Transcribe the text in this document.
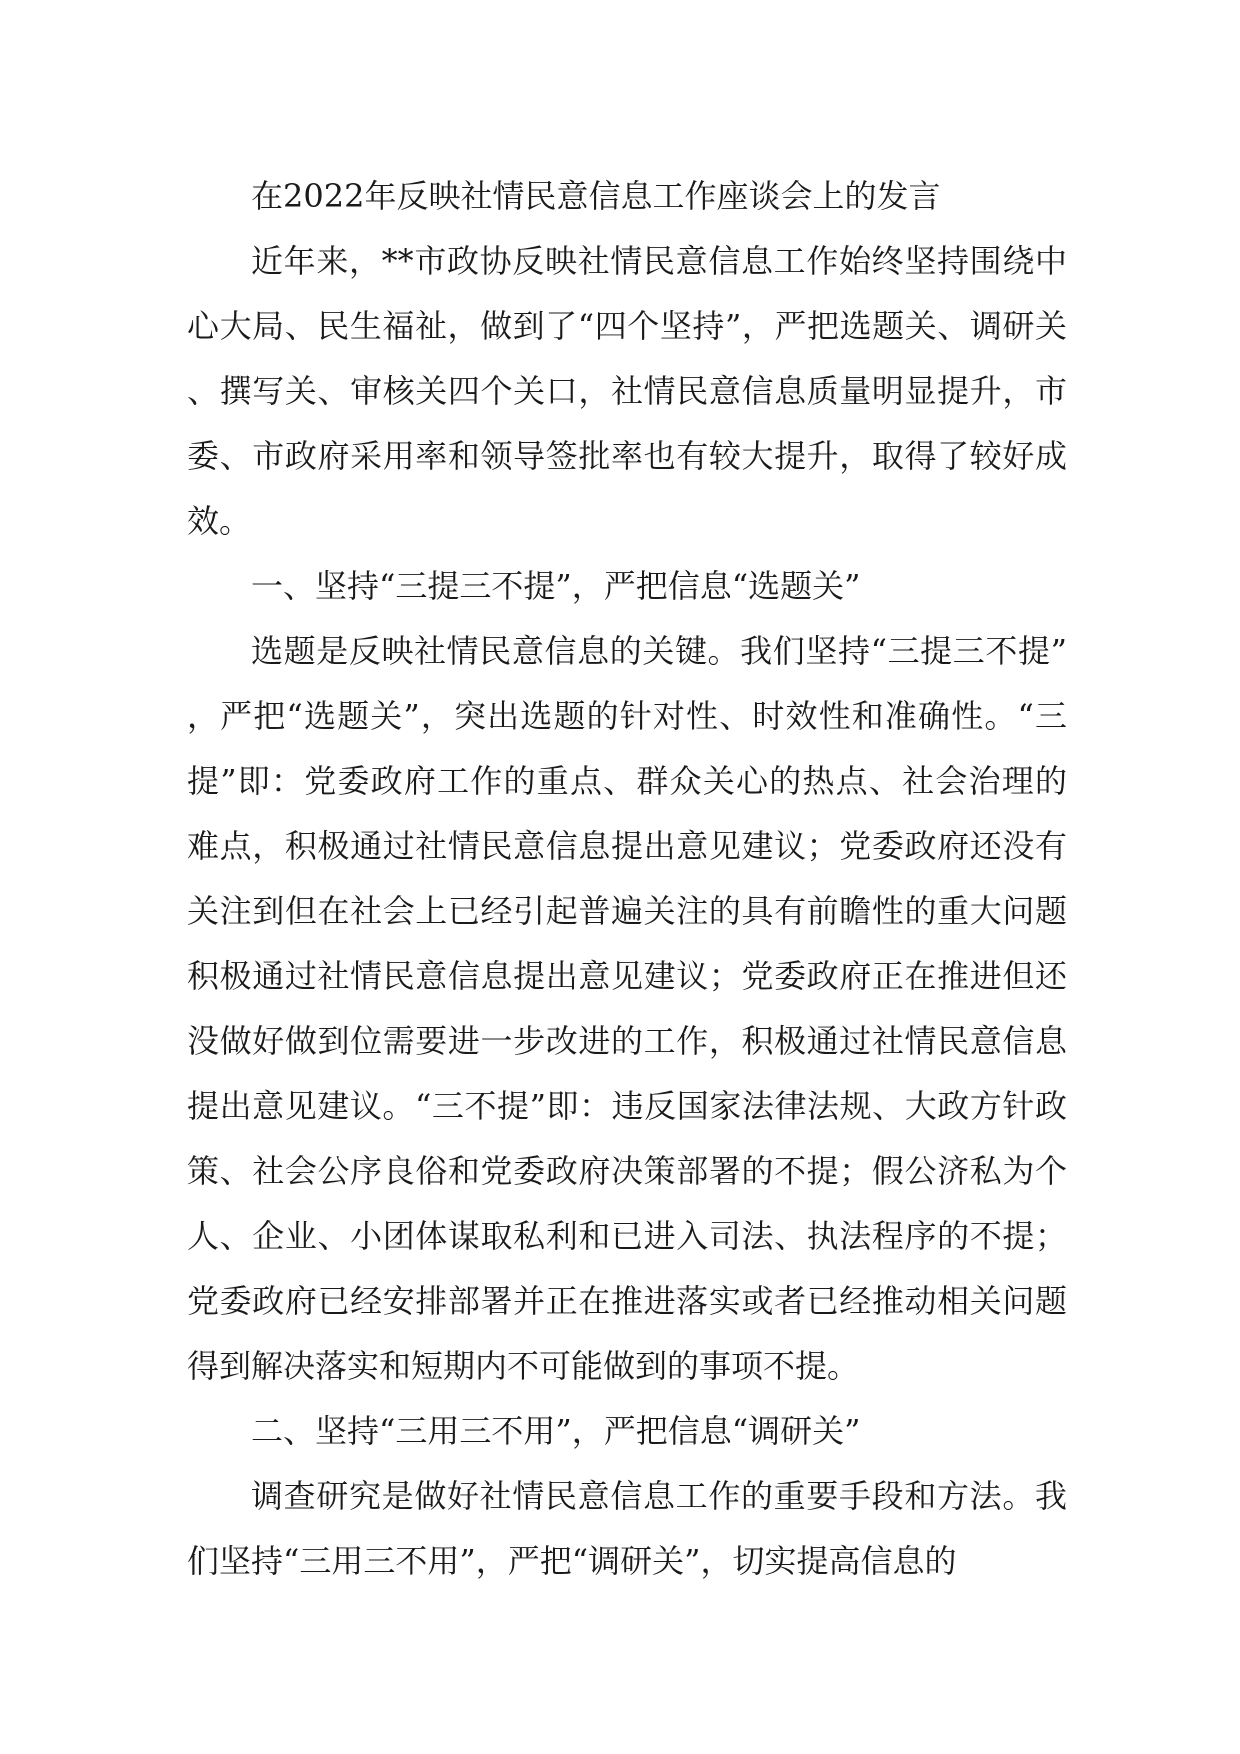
在2022年反映社情民意信息工作座谈会上的发言

近年来，**市政协反映社情民意信息工作始终坚持围绕中心大局、民生福祉，做到了“四个坚持”，严把选题关、调研关、撰写关、审核关四个关口，社情民意信息质量明显提升，市委、市政府采用率和领导签批率也有较大提升，取得了较好成效。

一、坚持“三提三不提”，严把信息“选题关”

选题是反映社情民意信息的关键。我们坚持“三提三不提”，严把“选题关”，突出选题的针对性、时效性和准确性。“三提”即：党委政府工作的重点、群众关心的热点、社会治理的难点，积极通过社情民意信息提出意见建议；党委政府还没有关注到但在社会上已经引起普遍关注的具有前瞻性的重大问题积极通过社情民意信息提出意见建议；党委政府正在推进但还没做好做到位需要进一步改进的工作，积极通过社情民意信息提出意见建议。“三不提”即：违反国家法律法规、大政方针政策、社会公序良俗和党委政府决策部署的不提；假公济私为个人、企业、小团体谋取私利和已进入司法、执法程序的不提；党委政府已经安排部署并正在推进落实或者已经推动相关问题得到解决落实和短期内不可能做到的事项不提。

二、坚持“三用三不用”，严把信息“调研关”

调查研究是做好社情民意信息工作的重要手段和方法。我们坚持“三用三不用”，严把“调研关”，切实提高信息的
